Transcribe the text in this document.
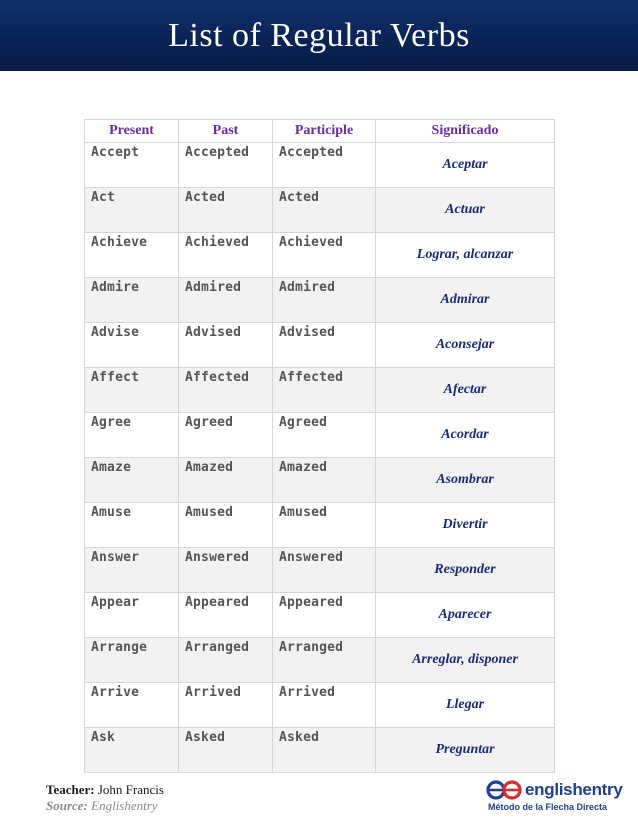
List of Regular Verbs
Present	Past	Participle	Significado
Accept	Accepted	Accepted	Aceptar
Act	Acted	Acted	Actuar
Achieve	Achieved	Achieved	Lograr, alcanzar
Admire	Admired	Admired	Admirar
Advise	Advised	Advised	Aconsejar
Affect	Affected	Affected	Afectar
Agree	Agreed	Agreed	Acordar
Amaze	Amazed	Amazed	Asombrar
Amuse	Amused	Amused	Divertir
Answer	Answered	Answered	Responder
Appear	Appeared	Appeared	Aparecer
Arrange	Arranged	Arranged	Arreglar, disponer
Arrive	Arrived	Arrived	Llegar
Ask	Asked	Asked	Preguntar
Teacher: John Francis
Source: Englishentry
englishentry
Método de la Flecha Directa
